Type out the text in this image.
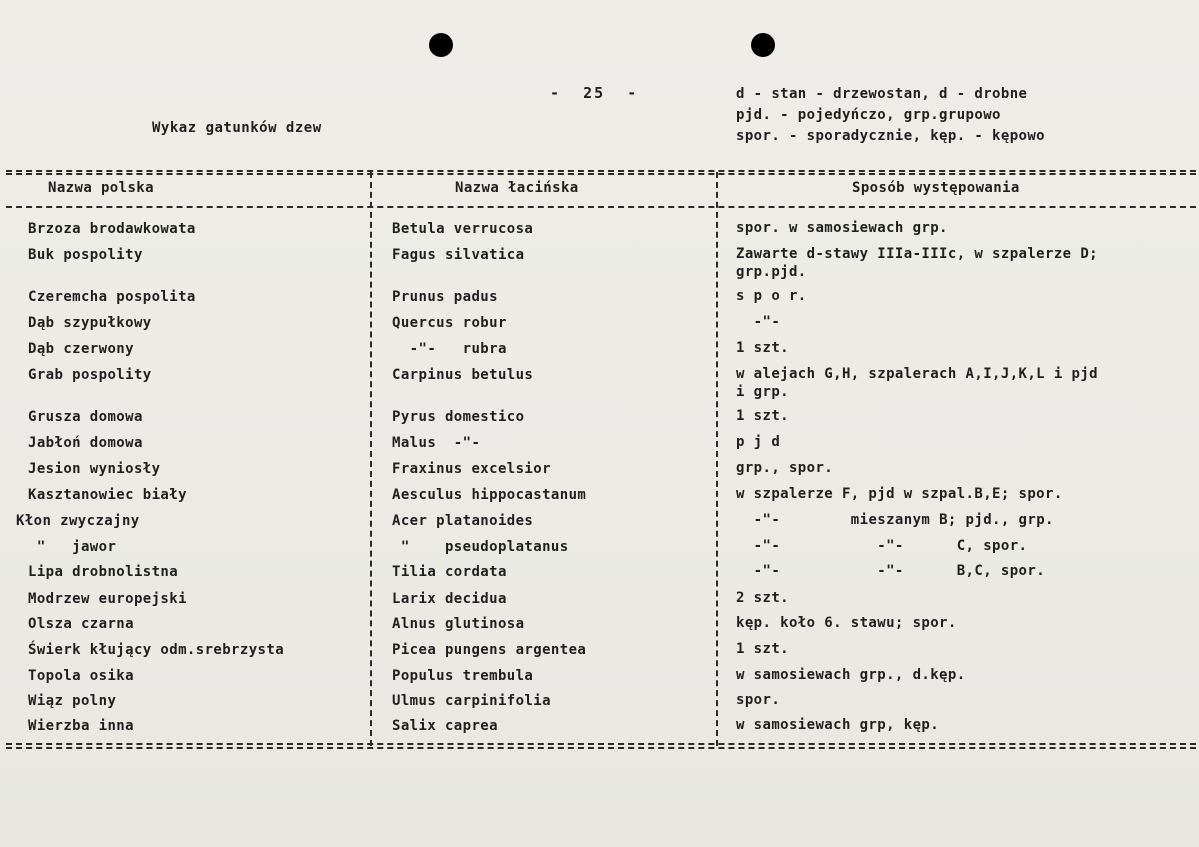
-  25  -
Wykaz gatunków dzew
d - stan - drzewostan, d - drobne
pjd. - pojedyńczo, grp.grupowo
spor. - sporadycznie, kęp. - kępowo
Nazwa polska	Nazwa łacińska	Sposób występowania
Brzoza brodawkowata	Betula verrucosa	spor. w samosiewach grp.
Buk pospolity	Fagus silvatica	Zawarte d-stawy IIIa-IIIc, w szpalerze D;
grp.pjd.
Czeremcha pospolita	Prunus padus	s p o r.
Dąb szypułkowy	Quercus robur	-"-
Dąb czerwony	-"-   rubra	1 szt.
Grab pospolity	Carpinus betulus	w alejach G,H, szpalerach A,I,J,K,L i pjd
i grp.
Grusza domowa	Pyrus domestico	1 szt.
Jabłoń domowa	Malus  -"-	p j d
Jesion wyniosły	Fraxinus excelsior	grp., spor.
Kasztanowiec biały	Aesculus hippocastanum	w szpalerze F, pjd w szpal.B,E; spor.
Kłon zwyczajny	Acer platanoides	-"-        mieszanym B; pjd., grp.
"   jawor	"    pseudoplatanus	-"-           -"-      C, spor.
Lipa drobnolistna	Tilia cordata	-"-           -"-      B,C, spor.
Modrzew europejski	Larix decidua	2 szt.
Olsza czarna	Alnus glutinosa	kęp. koło 6. stawu; spor.
Świerk kłujący odm.srebrzysta	Picea pungens argentea	1 szt.
Topola osika	Populus trembula	w samosiewach grp., d.kęp.
Wiąz polny	Ulmus carpinifolia	spor.
Wierzba inna	Salix caprea	w samosiewach grp, kęp.
